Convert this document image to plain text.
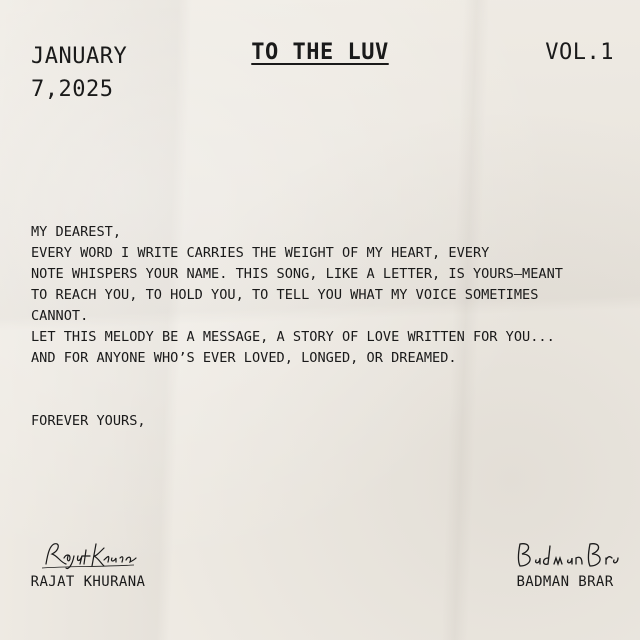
JANUARY 7,2025
TO THE LUV	VOL.1
MY DEAREST,
EVERY WORD I WRITE CARRIES THE WEIGHT OF MY HEART, EVERY
NOTE WHISPERS YOUR NAME. THIS SONG, LIKE A LETTER, IS YOURS—MEANT
TO REACH YOU, TO HOLD YOU, TO TELL YOU WHAT MY VOICE SOMETIMES
CANNOT.
LET THIS MELODY BE A MESSAGE, A STORY OF LOVE WRITTEN FOR YOU...
AND FOR ANYONE WHO’S EVER LOVED, LONGED, OR DREAMED.
FOREVER YOURS,
RAJAT KHURANA	BADMAN BRAR
